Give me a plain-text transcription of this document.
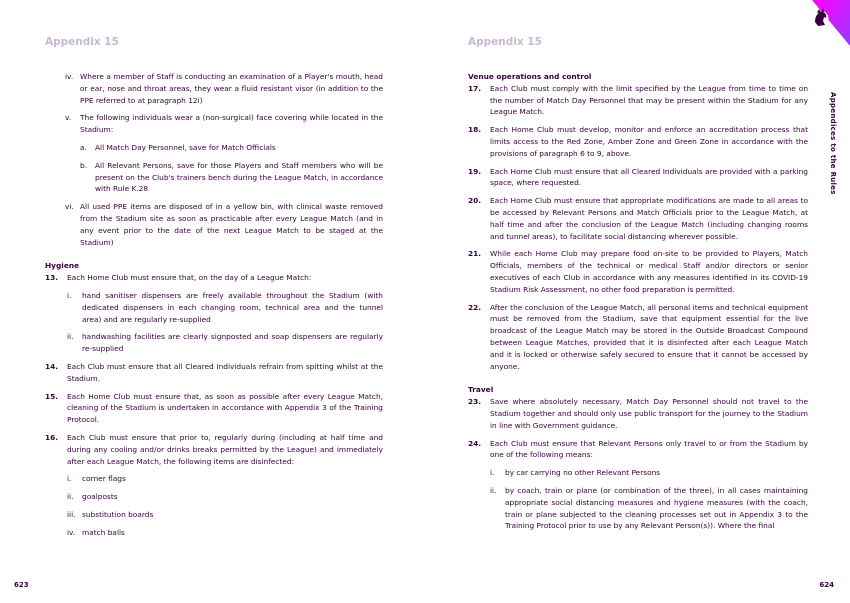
Appendix 15
iv. Where a member of Staff is conducting an examination of a Player's mouth, head or ear, nose and throat areas, they wear a fluid resistant visor (in addition to the PPE referred to at paragraph 12i)

v. The following individuals wear a (non-surgical) face covering while located in the Stadium:

a. All Match Day Personnel, save for Match Officials

b. All Relevant Persons, save for those Players and Staff members who will be present on the Club's trainers bench during the League Match, in accordance with Rule K.28

vi. All used PPE items are disposed of in a yellow bin, with clinical waste removed from the Stadium site as soon as practicable after every League Match (and in any event prior to the date of the next League Match to be staged at the Stadium)

Hygiene

13. Each Home Club must ensure that, on the day of a League Match:

i. hand sanitiser dispensers are freely available throughout the Stadium (with dedicated dispensers in each changing room, technical area and the tunnel area) and are regularly re-supplied

ii. handwashing facilities are clearly signposted and soap dispensers are regularly re-supplied

14. Each Club must ensure that all Cleared Individuals refrain from spitting whilst at the Stadium.

15. Each Home Club must ensure that, as soon as possible after every League Match, cleaning of the Stadium is undertaken in accordance with Appendix 3 of the Training Protocol.

16. Each Club must ensure that prior to, regularly during (including at half time and during any cooling and/or drinks breaks permitted by the League) and immediately after each League Match, the following items are disinfected:

i. corner flags

ii. goalposts

iii. substitution boards

iv. match balls

623
Appendices to the Rules
Appendix 15

Venue operations and control

17. Each Club must comply with the limit specified by the League from time to time on the number of Match Day Personnel that may be present within the Stadium for any League Match.

18. Each Home Club must develop, monitor and enforce an accreditation process that limits access to the Red Zone, Amber Zone and Green Zone in accordance with the provisions of paragraph 6 to 9, above.

19. Each Home Club must ensure that all Cleared Individuals are provided with a parking space, where requested.

20. Each Home Club must ensure that appropriate modifications are made to all areas to be accessed by Relevant Persons and Match Officials prior to the League Match, at half time and after the conclusion of the League Match (including changing rooms and tunnel areas), to facilitate social distancing wherever possible.

21. While each Home Club may prepare food on-site to be provided to Players, Match Officials, members of the technical or medical Staff and/or directors or senior executives of each Club in accordance with any measures identified in its COVID-19 Stadium Risk Assessment, no other food preparation is permitted.

22. After the conclusion of the League Match, all personal items and technical equipment must be removed from the Stadium, save that equipment essential for the live broadcast of the League Match may be stored in the Outside Broadcast Compound between League Matches, provided that it is disinfected after each League Match and it is locked or otherwise safely secured to ensure that it cannot be accessed by anyone.

Travel

23. Save where absolutely necessary, Match Day Personnel should not travel to the Stadium together and should only use public transport for the journey to the Stadium in line with Government guidance.

24. Each Club must ensure that Relevant Persons only travel to or from the Stadium by one of the following means:

i. by car carrying no other Relevant Persons

ii. by coach, train or plane (or combination of the three), in all cases maintaining appropriate social distancing measures and hygiene measures (with the coach, train or plane subjected to the cleaning processes set out in Appendix 3 to the Training Protocol prior to use by any Relevant Person(s)). Where the final

624
